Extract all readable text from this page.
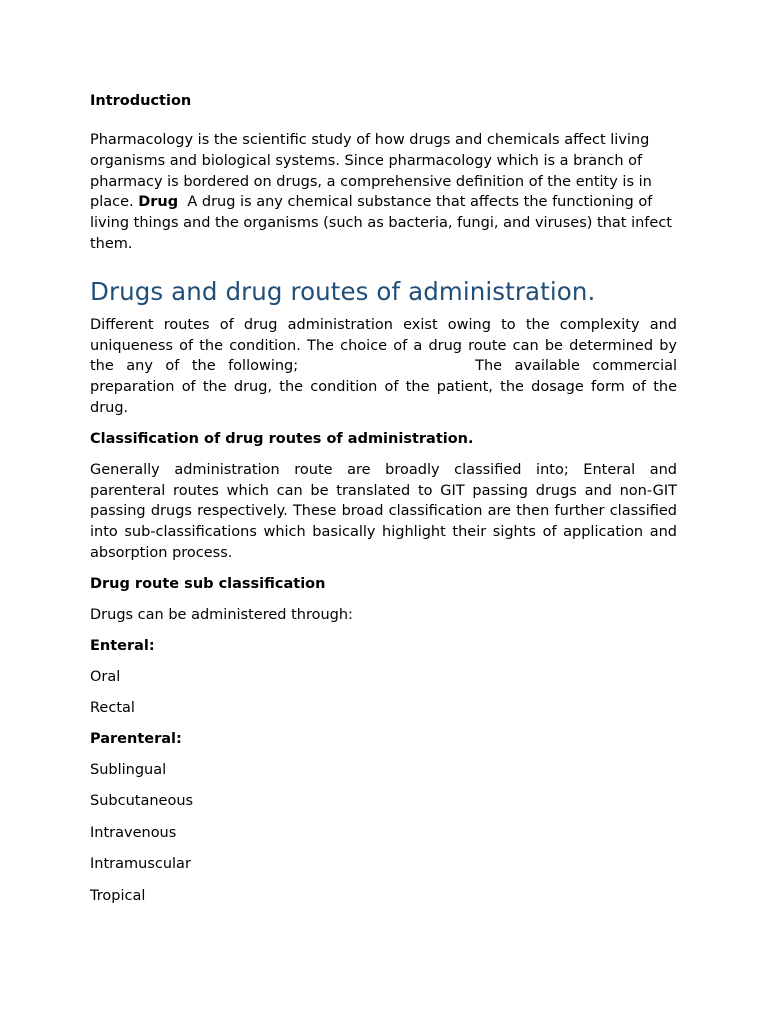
Introduction

Pharmacology is the scientific study of how drugs and chemicals affect living organisms and biological systems. Since pharmacology which is a branch of pharmacy is bordered on drugs, a comprehensive definition of the entity is in place. Drug  A drug is any chemical substance that affects the functioning of living things and the organisms (such as bacteria, fungi, and viruses) that infect them.

Drugs and drug routes of administration.

Different routes of drug administration exist owing to the complexity and uniqueness of the condition. The choice of a drug route can be determined by the any of the following;	The available commercial preparation of the drug, the condition of the patient, the dosage form of the drug.

Classification of drug routes of administration.

Generally administration route are broadly classified into; Enteral and parenteral routes which can be translated to GIT passing drugs and non-GIT passing drugs respectively. These broad classification are then further classified into sub-classifications which basically highlight their sights of application and absorption process.

Drug route sub classification

Drugs can be administered through:

Enteral:

Oral

Rectal

Parenteral:

Sublingual

Subcutaneous

Intravenous

Intramuscular

Tropical
